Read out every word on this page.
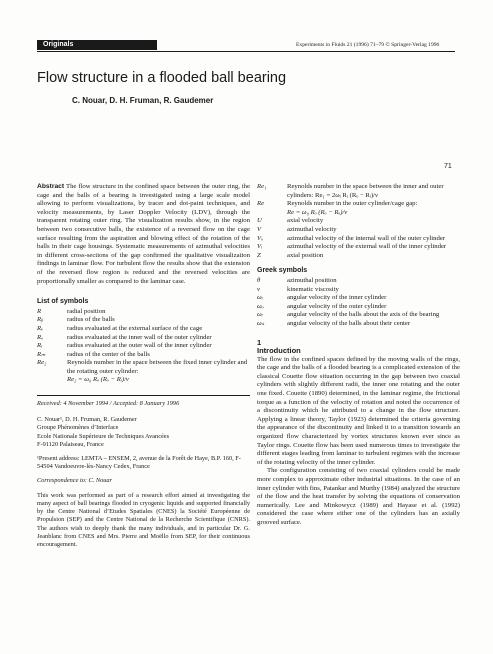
Originals	Experiments in Fluids 21 (1996) 71–79 © Springer-Verlag 1996
Flow structure in a flooded ball bearing
C. Nouar, D. H. Fruman, R. Gaudemer
71

Abstract The flow structure in the confined space between the outer ring, the cage and the balls of a bearing is investigated using a large scale model allowing to perform visualizations, by tracer and dot-paint techniques, and velocity measurements, by Laser Doppler Velocity (LDV), through the transparent rotating outer ring. The visualization results show, in the region between two consecutive balls, the existence of a reversed flow on the cage surface resulting from the aspiration and blowing effect of the rotation of the balls in their cage housings. Systematic measurements of azimuthal velocities in different cross-sections of the gap confirmed the qualitative visualization findings in laminar flow. For turbulent flow the results show that the extension of the reversed flow region is reduced and the reversed velocities are proportionally smaller as compared to the laminar case.

List of symbols
R	radial position
Rᵦ	radius of the balls
Rₑ	radius evaluated at the external surface of the cage
Rₒ	radius evaluated at the inner wall of the outer cylinder
Rᵢ	radius evaluated at the outer wall of the inner cylinder
Rₘ	radius of the center of the balls
Re₂	Reynolds number in the space between the fixed inner cylinder and the rotating outer cylinder:
Re₂ = ω₀ Rₒ (Rₒ − Rᵢ)/ν

Received: 4 November 1994 / Accepted: 8 January 1996

C. Nouar¹, D. H. Fruman, R. Gaudemer
Groupe Phénomènes d’Interface
Ecole Nationale Supérieure de Techniques Avancées
F-91120 Palaiseau, France

¹Present address: LEMTA – ENSEM, 2, avenue de la Forêt de Haye, B.P. 160, F-54504 Vandoeuvre-lès-Nancy Cedex, France

Correspondence to: C. Nouar

This work was performed as part of a research effort aimed at investigating the many aspect of ball bearings flooded in cryogenic liquids and supported financially by the Centre National d’Etudes Spatiales (CNES) la Société Européenne de Propulsion (SEP) and the Centre National de la Recherche Scientifique (CNRS). The authors wish to deeply thank the many individuals, and in particular Dr. G. Jeanblanc from CNES and Mrs. Pierre and Moëllo from SEP, for their continuous encouragement.

Re₁	Reynolds number in the space between the inner and outer cylinders: Re₁ = 2ωᵢ Rᵢ (Rₒ − Rᵢ)/ν
Re	Reynolds number in the outer cylinder/cage gap:
Re = ω₀ Rₒ (Rₒ − Rₑ)/ν
U	axial velocity
V	azimuthal velocity
Vₒ	azimuthal velocity of the internal wall of the outer cylinder
Vᵢ	azimuthal velocity of the external wall of the inner cylinder
Z	axial position
Greek symbols
θ	azimuthal position
ν	kinematic viscosity
ωᵢ	angular velocity of the inner cylinder
ωₒ	angular velocity of the outer cylinder
ωᵣ	angular velocity of the balls about the axis of the bearing
ωₛ	angular velocity of the balls about their center
1
Introduction

The flow in the confined spaces defined by the moving walls of the rings, the cage and the balls of a flooded bearing is a complicated extension of the classical Couette flow situation occurring in the gap between two coaxial cylinders with slightly different radii, the inner one rotating and the outer one fixed. Couette (1890) determined, in the laminar regime, the frictional torque as a function of the velocity of rotation and noted the occurrence of a discontinuity which he attributed to a change in the flow structure. Applying a linear theory, Taylor (1923) determined the criteria governing the appearance of the discontinuity and linked it to a transition towards an organized flow characterized by vortex structures known ever since as Taylor rings. Couette flow has been used numerous times to investigate the different stages leading from laminar to turbulent regimes with the increase of the rotating velocity of the inner cylinder.

The configuration consisting of two coaxial cylinders could be made more complex to approximate other industrial situations. In the case of an inner cylinder with fins, Patankar and Murthy (1984) analyzed the structure of the flow and the heat transfer by solving the equations of conservation numerically. Lee and Minkowycz (1989) and Hayase et al. (1992) considered the case where either one of the cylinders has an axially grooved surface.
